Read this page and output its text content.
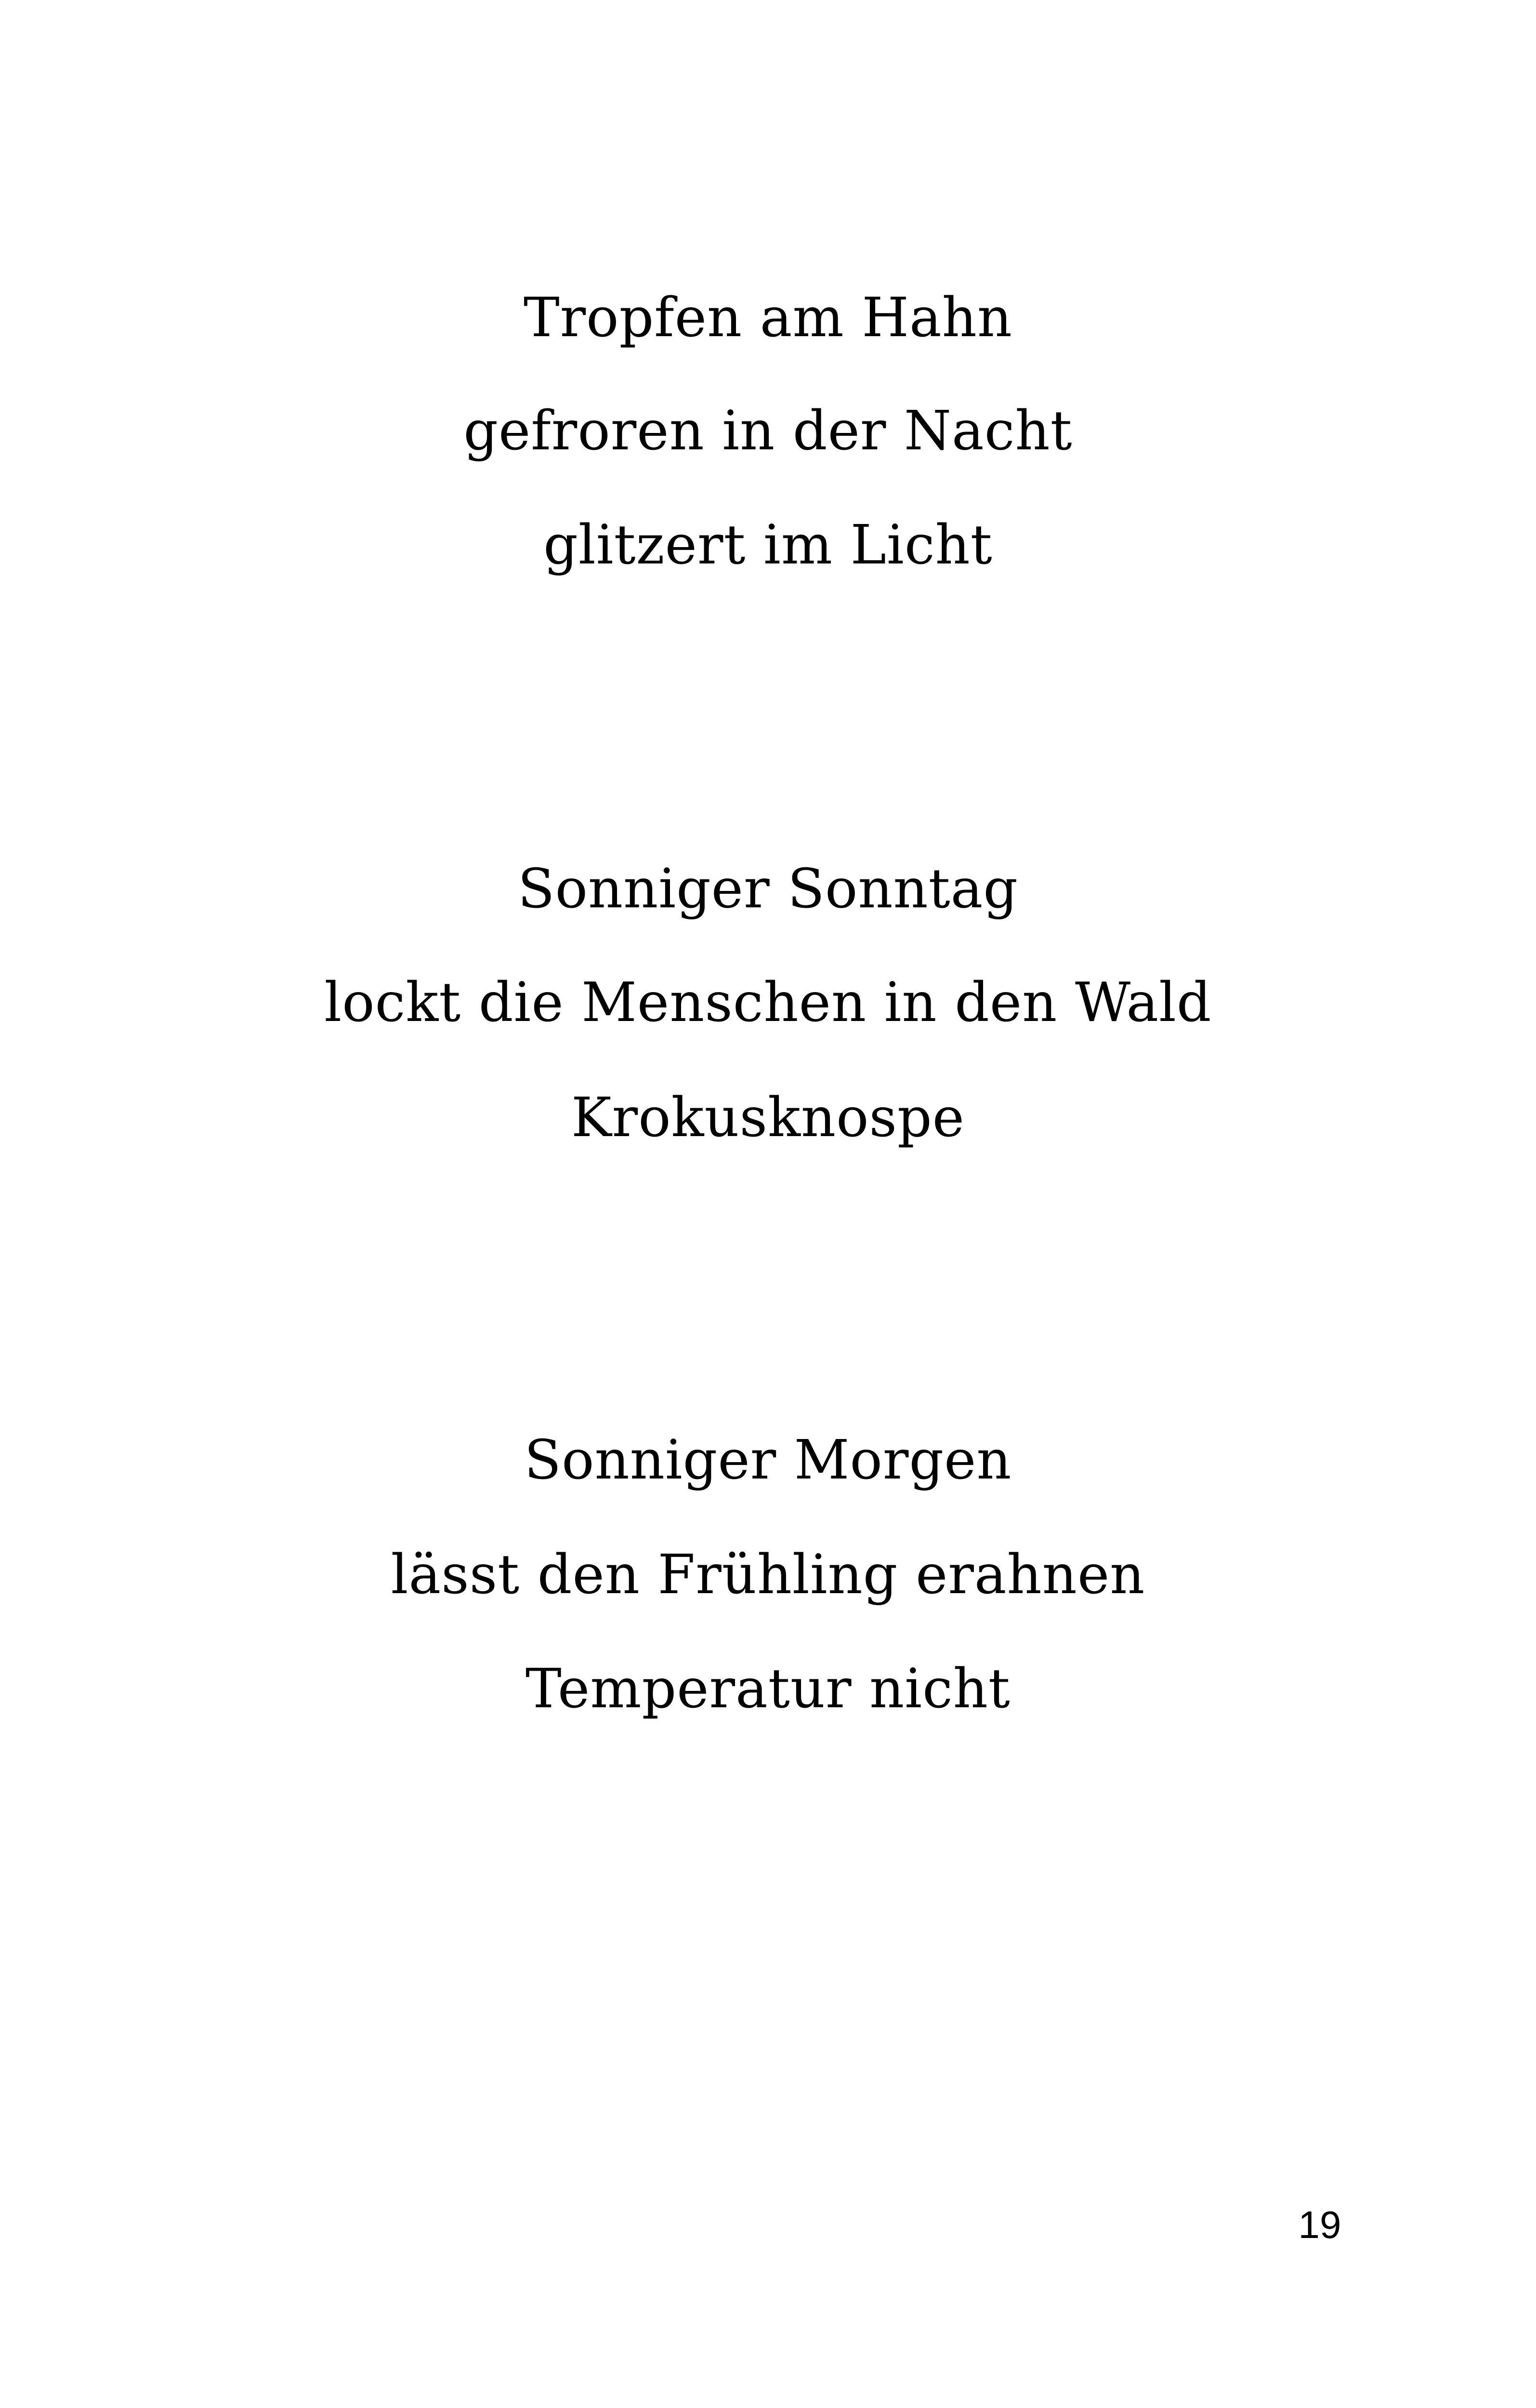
Tropfen am Hahn
gefroren in der Nacht
glitzert im Licht
Sonniger Sonntag
lockt die Menschen in den Wald
Krokusknospe
Sonniger Morgen
lässt den Frühling erahnen
Temperatur nicht
19
